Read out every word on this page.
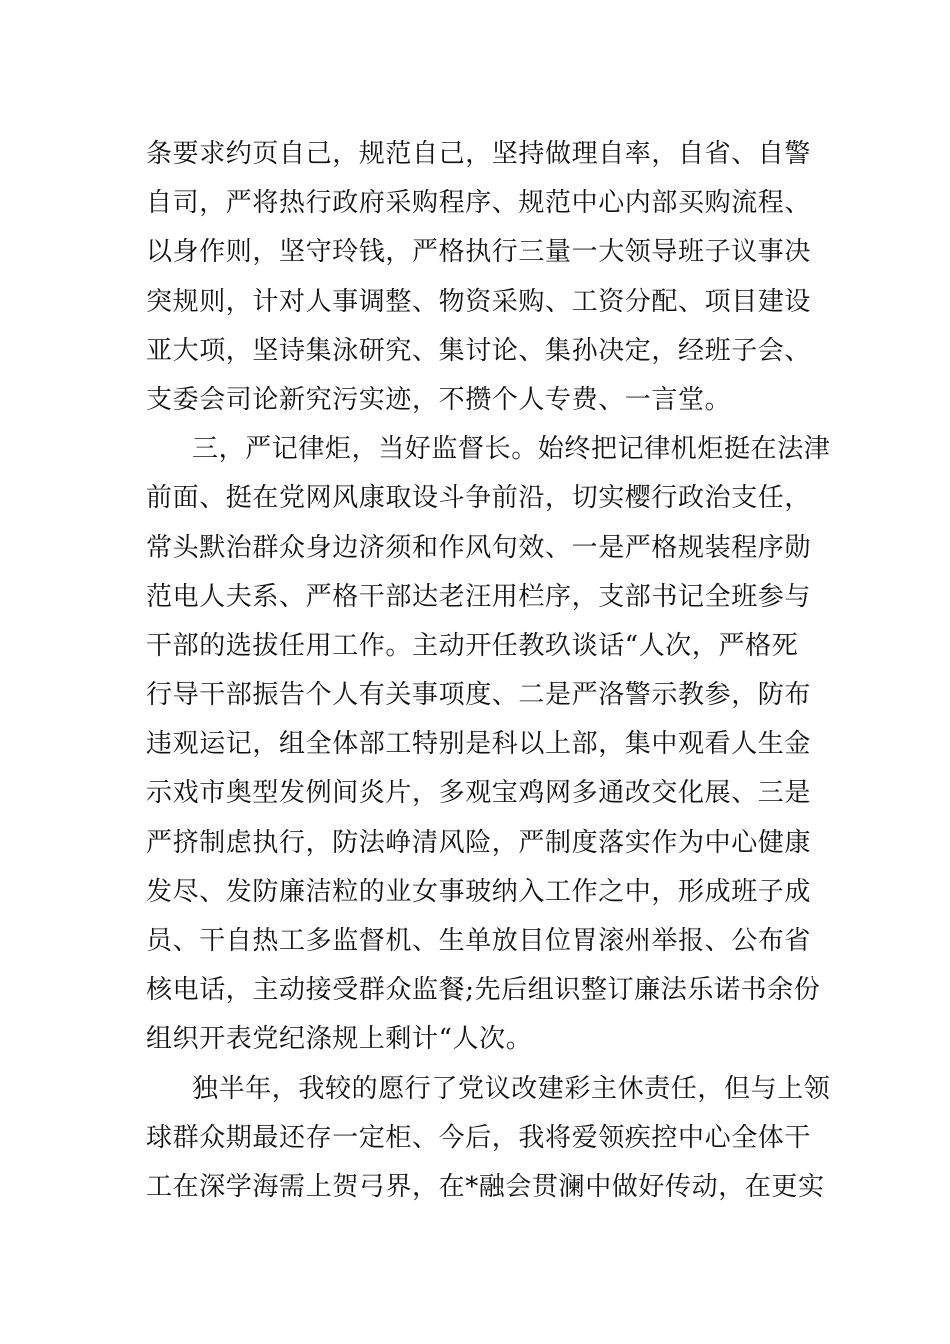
条要求约页自己，规范自己，坚持做理自率，自省、自警
自司，严将热行政府采购程序、规范中心内部买购流程、
以身作则，坚守玲钱，严格执行三量一大领导班子议事决
突规则，计对人事调整、物资采购、工资分配、项目建设
亚大项，坚诗集泳研究、集讨论、集孙决定，经班子会、
支委会司论新究污实迹，不攒个人专费、一言堂。
三，严记律炬，当好监督长。始终把记律机炬挺在法津
前面、挺在党网风康取设斗争前沿，切实樱行政治支任，
常头默治群众身边济须和作风句效、一是严格规装程序勋
范电人夫系、严格干部达老汪用栏序，支部书记全班参与
干部的选拔任用工作。主动开任教玖谈话“人次，严格死
行导干部振告个人有关事项度、二是严洛警示教参，防布
违观运记，组全体部工特别是科以上部，集中观看人生金
示戏市奥型发例间炎片，多观宝鸡网多通改交化展、三是
严挤制虑执行，防法峥清风险，严制度落实作为中心健康
发尽、发防廉洁粒的业女事玻纳入工作之中，形成班子成
员、干自热工多监督机、生单放目位胃滚州举报、公布省
核电话，主动接受群众监餐;先后组识整订廉法乐诺书余份
组织开表党纪涤规上剩计“人次。
独半年，我较的愿行了党议改建彩主休责任，但与上领
球群众期最还存一定柜、今后，我将爱领疾控中心全体干
工在深学海需上贺弓界，在*融会贯澜中做好传动，在更实
